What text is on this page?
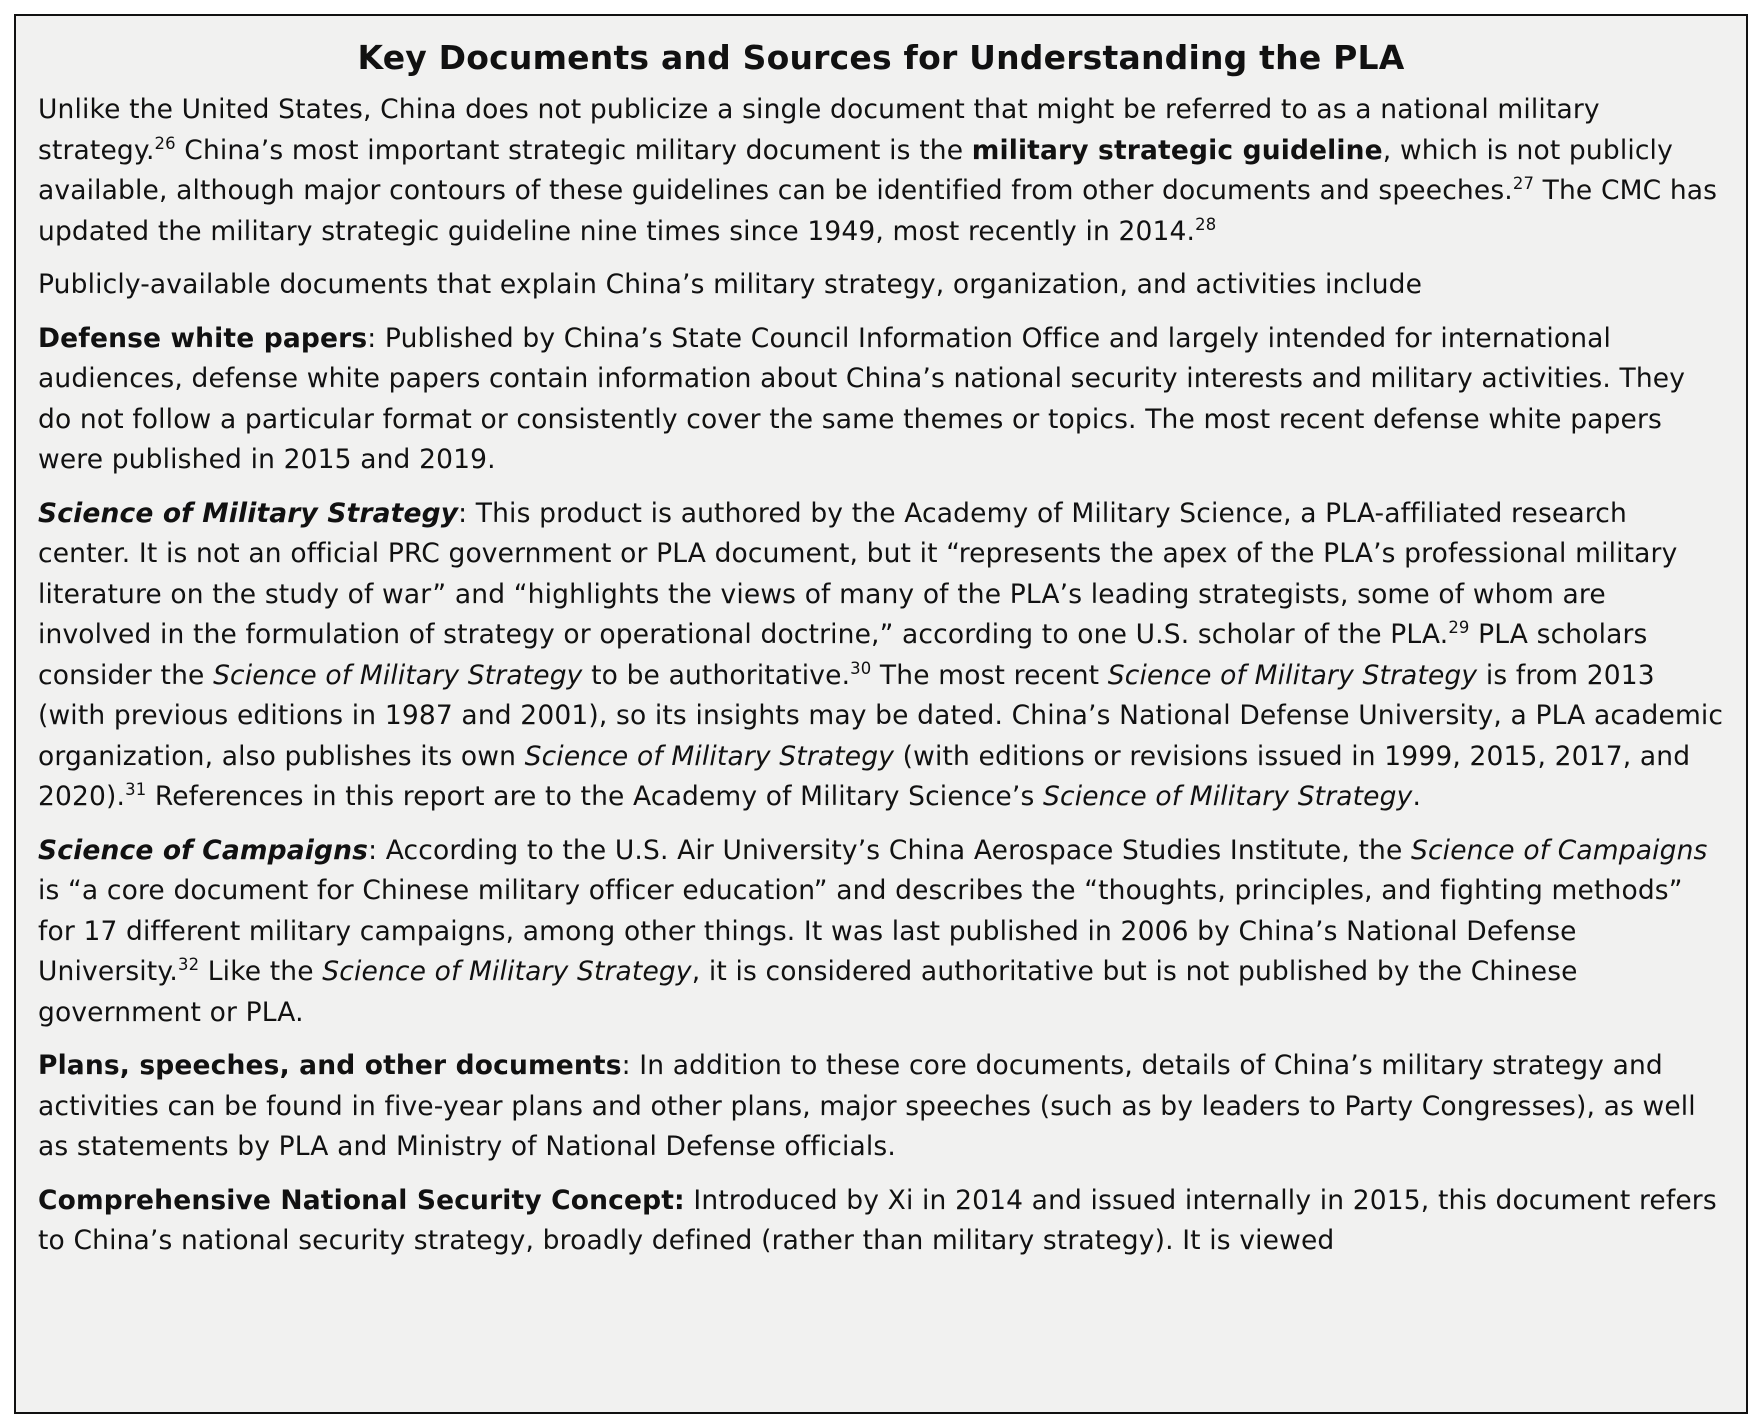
Key Documents and Sources for Understanding the PLA

Unlike the United States, China does not publicize a single document that might be referred to as a national military strategy.$^{26}$ China’s most important strategic military document is the military strategic guideline, which is not publicly available, although major contours of these guidelines can be identified from other documents and speeches.$^{27}$ The CMC has updated the military strategic guideline nine times since 1949, most recently in 2014.28

Publicly-available documents that explain China’s military strategy, organization, and activities include

Defense white papers: Published by China’s State Council Information Office and largely intended for international audiences, defense white papers contain information about China’s national security interests and military activities. They do not follow a particular format or consistently cover the same themes or topics. The most recent defense white papers were published in 2015 and 2019.

Science of Military Strategy: This product is authored by the Academy of Military Science, a PLA-affiliated research center. It is not an official PRC government or PLA document, but it “represents the apex of the PLA’s professional military literature on the study of war” and “highlights the views of many of the PLA’s leading strategists, some of whom are involved in the formulation of strategy or operational doctrine,” according to one U.S. scholar of the PLA.$^{29}$ PLA scholars consider the Science of Military Strategy to be authoritative.$^{30}$ The most recent Science of Military Strategy is from 2013 (with previous editions in 1987 and 2001), so its insights may be dated. China’s National Defense University, a PLA academic organization, also publishes its own Science of Military Strategy (with editions or revisions issued in 1999, 2015, 2017, and 2020).$^{31}$ References in this report are to the Academy of Military Science’s Science of Military Strategy.

Science of Campaigns: According to the U.S. Air University’s China Aerospace Studies Institute, the Science of Campaigns is “a core document for Chinese military officer education” and describes the “thoughts, principles, and fighting methods” for 17 different military campaigns, among other things. It was last published in 2006 by China’s National Defense University.$^{32}$ Like the Science of Military Strategy, it is considered authoritative but is not published by the Chinese government or PLA.

Plans, speeches, and other documents: In addition to these core documents, details of China’s military strategy and activities can be found in five-year plans and other plans, major speeches (such as by leaders to Party Congresses), as well as statements by PLA and Ministry of National Defense officials.

Comprehensive National Security Concept: Introduced by Xi in 2014 and issued internally in 2015, this document refers to China’s national security strategy, broadly defined (rather than military strategy). It is viewed
